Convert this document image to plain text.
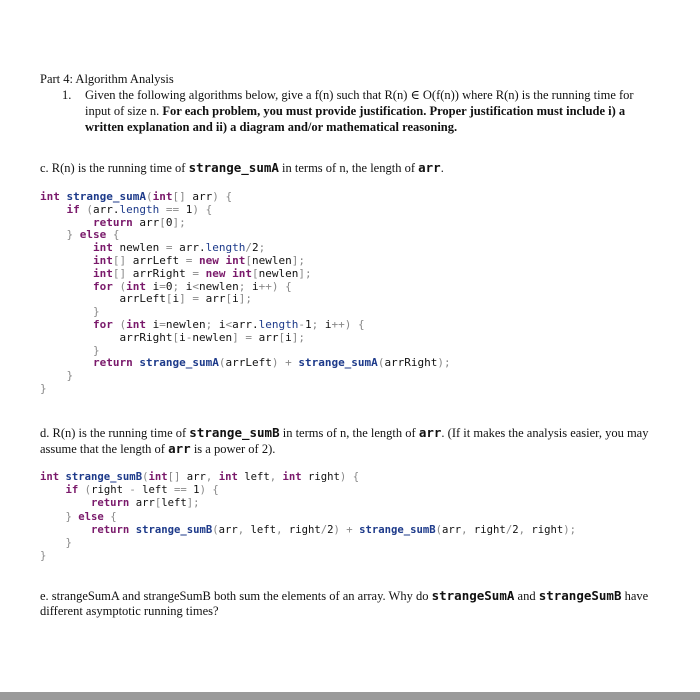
Part 4: Algorithm Analysis
1. Given the following algorithms below, give a f(n) such that R(n) ∈ O(f(n)) where R(n) is the running time for
input of size n. For each problem, you must provide justification. Proper justification must include i) a
written explanation and ii) a diagram and/or mathematical reasoning.
c. R(n) is the running time of strange_sumA in terms of n, the length of arr.
int strange_sumA(int[] arr) {
if (arr.length == 1) {
return arr[0];
} else {
int newlen = arr.length/2;
int[] arrLeft = new int[newlen];
int[] arrRight = new int[newlen];
for (int i=0; i<newlen; i++) {
arrLeft[i] = arr[i];
}
for (int i=newlen; i<arr.length-1; i++) {
arrRight[i-newlen] = arr[i];
}
return strange_sumA(arrLeft) + strange_sumA(arrRight);
}
}
d. R(n) is the running time of strange_sumB in terms of n, the length of arr. (If it makes the analysis easier, you may
assume that the length of arr is a power of 2).
int strange_sumB(int[] arr, int left, int right) {
if (right - left == 1) {
return arr[left];
} else {
return strange_sumB(arr, left, right/2) + strange_sumB(arr, right/2, right);
}
}
e. strangeSumA and strangeSumB both sum the elements of an array. Why do strangeSumA and strangeSumB have
different asymptotic running times?
